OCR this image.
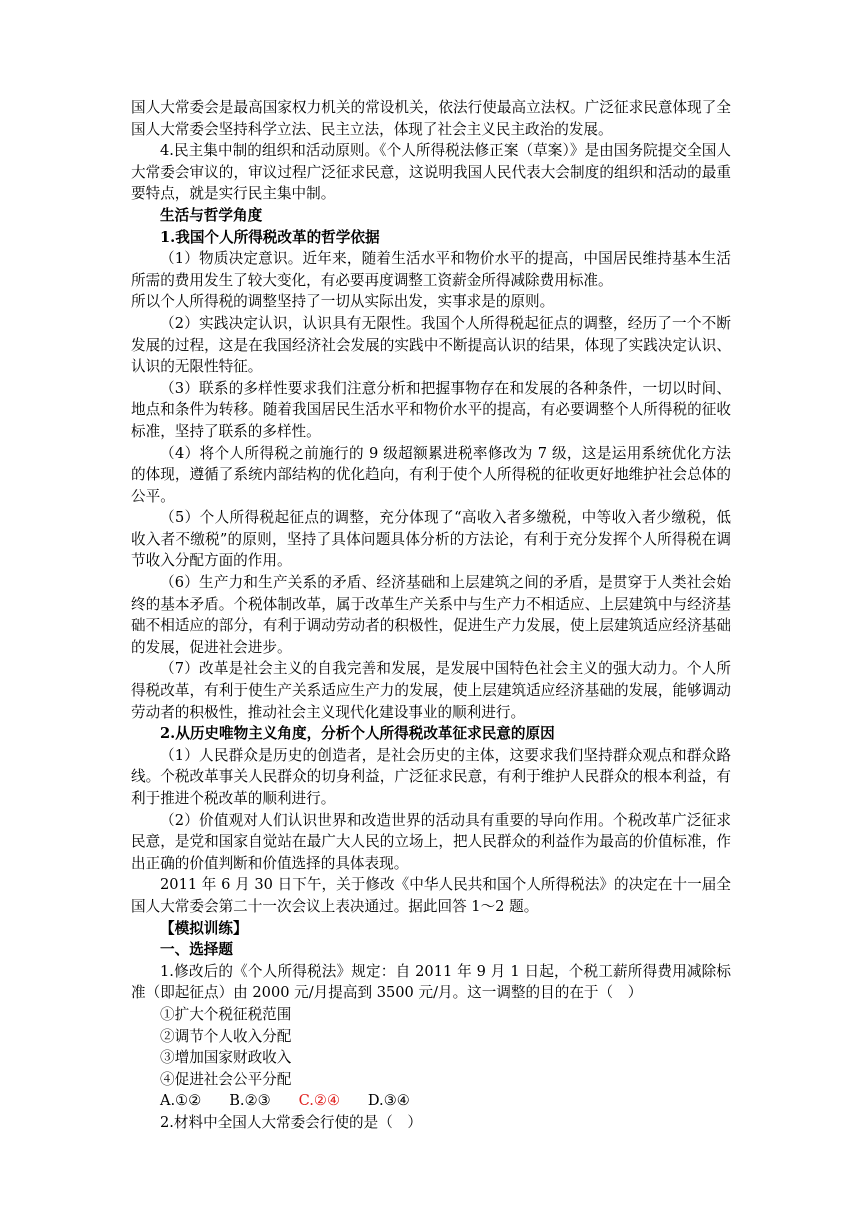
国人大常委会是最高国家权力机关的常设机关，依法行使最高立法权。广泛征求民意体现了全国人大常委会坚持科学立法、民主立法，体现了社会主义民主政治的发展。

4.民主集中制的组织和活动原则。《个人所得税法修正案（草案）》是由国务院提交全国人大常委会审议的，审议过程广泛征求民意，这说明我国人民代表大会制度的组织和活动的最重要特点，就是实行民主集中制。

生活与哲学角度

1.我国个人所得税改革的哲学依据

（1）物质决定意识。近年来，随着生活水平和物价水平的提高，中国居民维持基本生活所需的费用发生了较大变化，有必要再度调整工资薪金所得减除费用标准。

所以个人所得税的调整坚持了一切从实际出发，实事求是的原则。

（2）实践决定认识，认识具有无限性。我国个人所得税起征点的调整，经历了一个不断发展的过程，这是在我国经济社会发展的实践中不断提高认识的结果，体现了实践决定认识、认识的无限性特征。

（3）联系的多样性要求我们注意分析和把握事物存在和发展的各种条件，一切以时间、地点和条件为转移。随着我国居民生活水平和物价水平的提高，有必要调整个人所得税的征收标准，坚持了联系的多样性。

（4）将个人所得税之前施行的 9 级超额累进税率修改为 7 级，这是运用系统优化方法的体现，遵循了系统内部结构的优化趋向，有利于使个人所得税的征收更好地维护社会总体的公平。

（5）个人所得税起征点的调整，充分体现了“高收入者多缴税，中等收入者少缴税，低收入者不缴税”的原则，坚持了具体问题具体分析的方法论，有利于充分发挥个人所得税在调节收入分配方面的作用。

（6）生产力和生产关系的矛盾、经济基础和上层建筑之间的矛盾，是贯穿于人类社会始终的基本矛盾。个税体制改革，属于改革生产关系中与生产力不相适应、上层建筑中与经济基础不相适应的部分，有利于调动劳动者的积极性，促进生产力发展，使上层建筑适应经济基础的发展，促进社会进步。

（7）改革是社会主义的自我完善和发展，是发展中国特色社会主义的强大动力。个人所得税改革，有利于使生产关系适应生产力的发展，使上层建筑适应经济基础的发展，能够调动劳动者的积极性，推动社会主义现代化建设事业的顺利进行。

2.从历史唯物主义角度，分析个人所得税改革征求民意的原因

（1）人民群众是历史的创造者，是社会历史的主体，这要求我们坚持群众观点和群众路线。个税改革事关人民群众的切身利益，广泛征求民意，有利于维护人民群众的根本利益，有利于推进个税改革的顺利进行。

（2）价值观对人们认识世界和改造世界的活动具有重要的导向作用。个税改革广泛征求民意，是党和国家自觉站在最广大人民的立场上，把人民群众的利益作为最高的价值标准，作出正确的价值判断和价值选择的具体表现。

2011 年 6 月 30 日下午，关于修改《中华人民共和国个人所得税法》的决定在十一届全国人大常委会第二十一次会议上表决通过。据此回答 1～2 题。

【模拟训练】

一、选择题

1.修改后的《个人所得税法》规定：自 2011 年 9 月 1 日起，个税工薪所得费用减除标准（即起征点）由 2000 元/月提高到 3500 元/月。这一调整的目的在于（　）

①扩大个税征税范围

②调节个人收入分配

③增加国家财政收入

④促进社会公平分配

A.①② B.②③ C.②④ D.③④

2.材料中全国人大常委会行使的是（　）
